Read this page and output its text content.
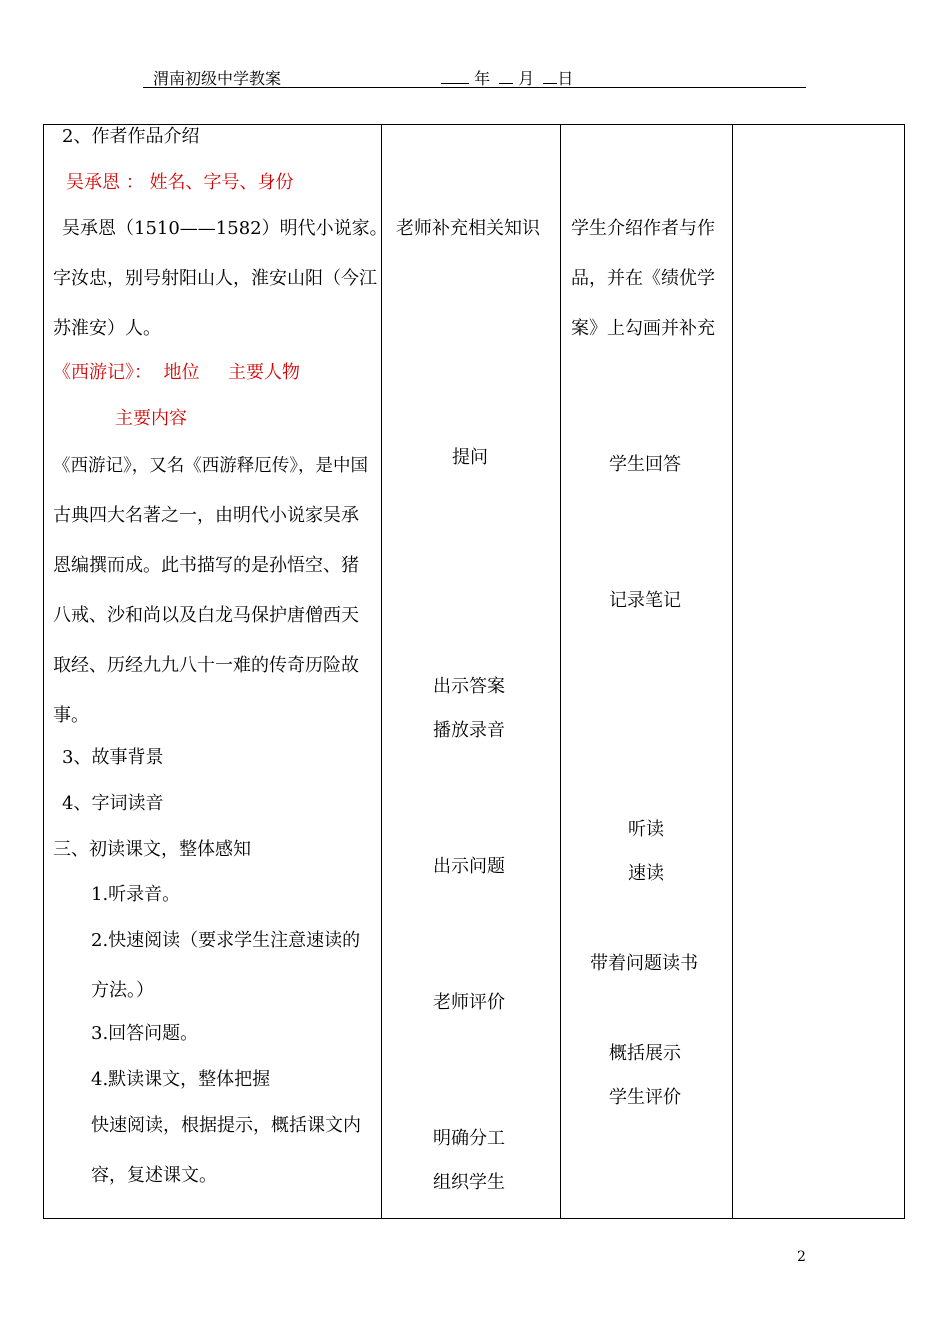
渭南初级中学教案	年 月 日
2、作者作品介绍
吴承恩 ： 姓名、字号、身份
吴承恩（1510——1582）明代小说家。
字汝忠，别号射阳山人，淮安山阳（今江
苏淮安）人。
《西游记》：  地位     主要人物
主要内容
《西游记》，又名《西游释厄传》，是中国
古典四大名著之一，由明代小说家吴承
恩编撰而成。此书描写的是孙悟空、猪
八戒、沙和尚以及白龙马保护唐僧西天
取经、历经九九八十一难的传奇历险故
事。
3、故事背景
4、字词读音
三、初读课文，整体感知
1.听录音。
2.快速阅读（要求学生注意速读的
方法。）
3.回答问题。
4.默读课文，整体把握
快速阅读，根据提示，概括课文内
容，复述课文。
老师补充相关知识
提问
出示答案
播放录音
出示问题
老师评价
明确分工
组织学生
学生介绍作者与作
品，并在《绩优学
案》上勾画并补充
学生回答
记录笔记
听读
速读
带着问题读书
概括展示
学生评价
2
